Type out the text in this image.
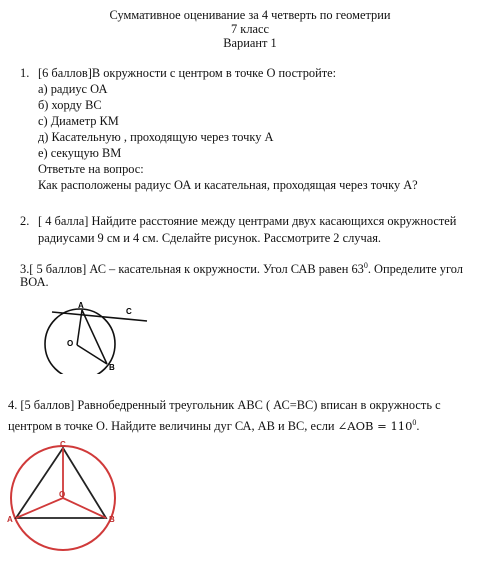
Суммативное оценивание за 4 четверть по геометрии
7 класс
Вариант 1
1. [6 баллов]В окружности с центром в точке О постройте:
а) радиус ОА
б) хорду ВС
с) Диаметр КМ
д) Касательную , проходящую через точку А
е) секущую ВМ
Ответьте на вопрос:
Как расположены радиус ОА и касательная, проходящая через точку А?
2. [ 4 балла] Найдите расстояние между центрами двух касающихся окружностей
радиусами 9 см и 4 см. Сделайте рисунок. Рассмотрите 2 случая.
3.[ 5 баллов] АС – касательная к окружности. Угол САВ равен $63^0$. Определите угол
ВОА.
A
C
O
B
4. [5 баллов] Равнобедренный треугольник АВС ( АС=ВС) вписан в окружность с
центром в точке О. Найдите величины дуг СА, АВ и ВС, если ∠AOB = $110^0$.
C
A	B
O
